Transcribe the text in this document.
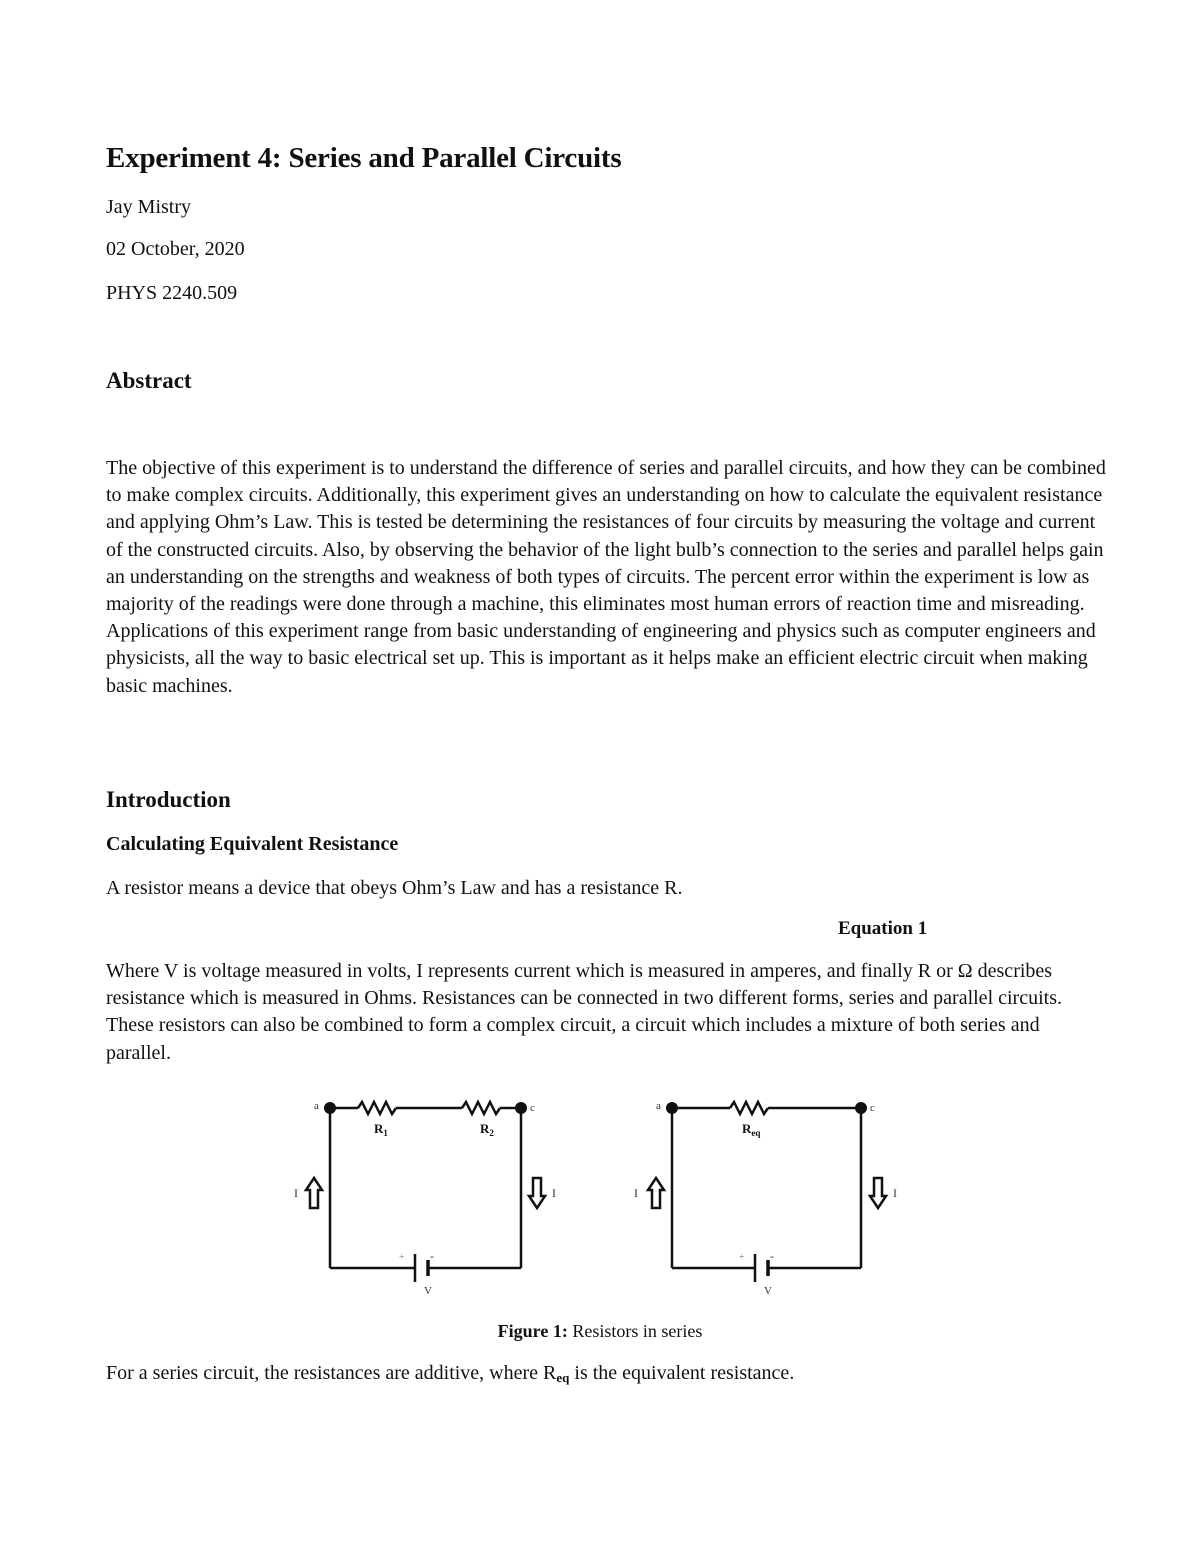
Experiment 4: Series and Parallel Circuits

Jay Mistry

02 October, 2020

PHYS 2240.509

Abstract

The objective of this experiment is to understand the difference of series and parallel circuits, and how they can be combined to make complex circuits. Additionally, this experiment gives an understanding on how to calculate the equivalent resistance and applying Ohm’s Law. This is tested be determining the resistances of four circuits by measuring the voltage and current of the constructed circuits. Also, by observing the behavior of the light bulb’s connection to the series and parallel helps gain an understanding on the strengths and weakness of both types of circuits. The percent error within the experiment is low as majority of the readings were done through a machine, this eliminates most human errors of reaction time and misreading. Applications of this experiment range from basic understanding of engineering and physics such as computer engineers and physicists, all the way to basic electrical set up. This is important as it helps make an efficient electric circuit when making basic machines.

Introduction
Calculating Equivalent Resistance

A resistor means a device that obeys Ohm’s Law and has a resistance R.

Equation 1

Where V is voltage measured in volts, I represents current which is measured in amperes, and finally R or Ω describes resistance which is measured in Ohms. Resistances can be connected in two different forms, series and parallel circuits. These resistors can also be combined to form a complex circuit, a circuit which includes a mixture of both series and parallel.

a	c
I	I
+ -
V
$R_1$	$R_2$
a	c
I	I
+ -
V
$R_{eq}$

Figure 1: Resistors in series

For a series circuit, the resistances are additive, where $R_{eq}$ is the equivalent resistance.
